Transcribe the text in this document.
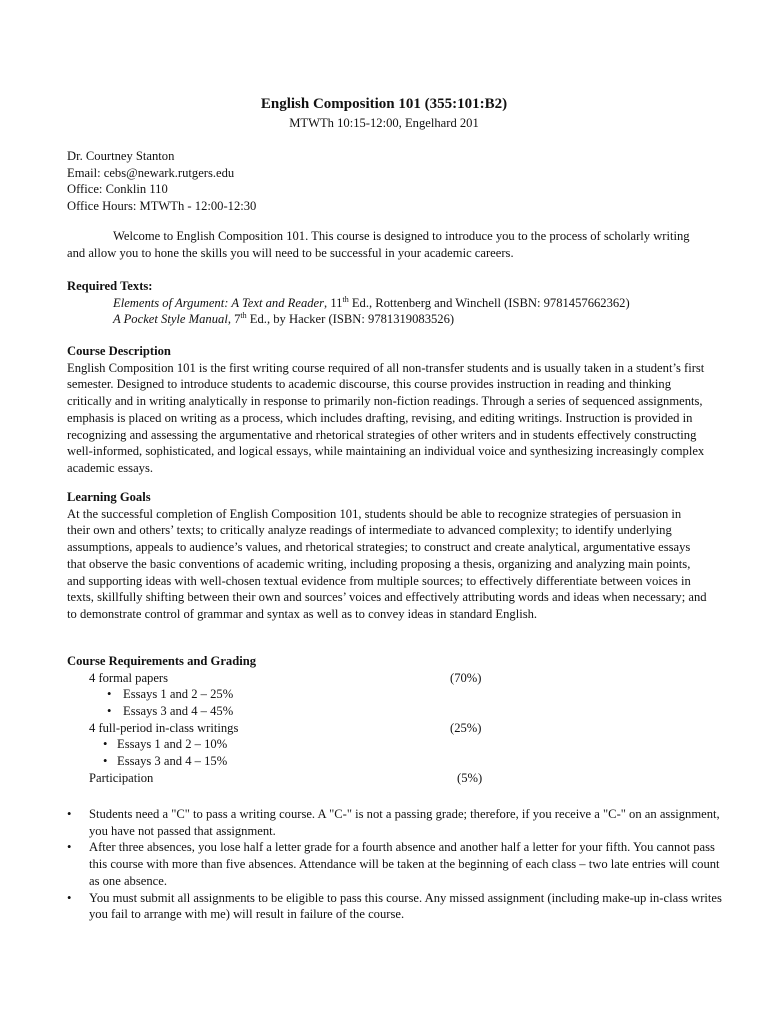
English Composition 101 (355:101:B2)
MTWTh 10:15-12:00, Engelhard 201
Dr. Courtney Stanton
Email: cebs@newark.rutgers.edu
Office: Conklin 110
Office Hours: MTWTh - 12:00-12:30
Welcome to English Composition 101. This course is designed to introduce you to the process of scholarly writing and allow you to hone the skills you will need to be successful in your academic careers.
Required Texts:
Elements of Argument: A Text and Reader, 11th Ed., Rottenberg and Winchell (ISBN: 9781457662362)
A Pocket Style Manual, 7th Ed., by Hacker (ISBN: 9781319083526)
Course Description
English Composition 101 is the first writing course required of all non-transfer students and is usually taken in a student’s first semester. Designed to introduce students to academic discourse, this course provides instruction in reading and thinking critically and in writing analytically in response to primarily non-fiction readings. Through a series of sequenced assignments, emphasis is placed on writing as a process, which includes drafting, revising, and editing writings. Instruction is provided in recognizing and assessing the argumentative and rhetorical strategies of other writers and in students effectively constructing well-informed, sophisticated, and logical essays, while maintaining an individual voice and synthesizing increasingly complex academic essays.
Learning Goals
At the successful completion of English Composition 101, students should be able to recognize strategies of persuasion in their own and others’ texts; to critically analyze readings of intermediate to advanced complexity; to identify underlying assumptions, appeals to audience’s values, and rhetorical strategies; to construct and create analytical, argumentative essays that observe the basic conventions of academic writing, including proposing a thesis, organizing and analyzing main points, and supporting ideas with well-chosen textual evidence from multiple sources; to effectively differentiate between voices in texts, skillfully shifting between their own and sources’ voices and effectively attributing words and ideas when necessary; and to demonstrate control of grammar and syntax as well as to convey ideas in standard English.
Course Requirements and Grading
4 formal papers	(70%)
• Essays 1 and 2 – 25%
• Essays 3 and 4 – 45%
4 full-period in-class writings	(25%)
• Essays 1 and 2 – 10%
• Essays 3 and 4 – 15%
Participation	(5%)
• Students need a "C" to pass a writing course. A "C-" is not a passing grade; therefore, if you receive a "C-" on an assignment, you have not passed that assignment.
• After three absences, you lose half a letter grade for a fourth absence and another half a letter for your fifth. You cannot pass this course with more than five absences. Attendance will be taken at the beginning of each class – two late entries will count as one absence.
• You must submit all assignments to be eligible to pass this course. Any missed assignment (including make-up in-class writes you fail to arrange with me) will result in failure of the course.
